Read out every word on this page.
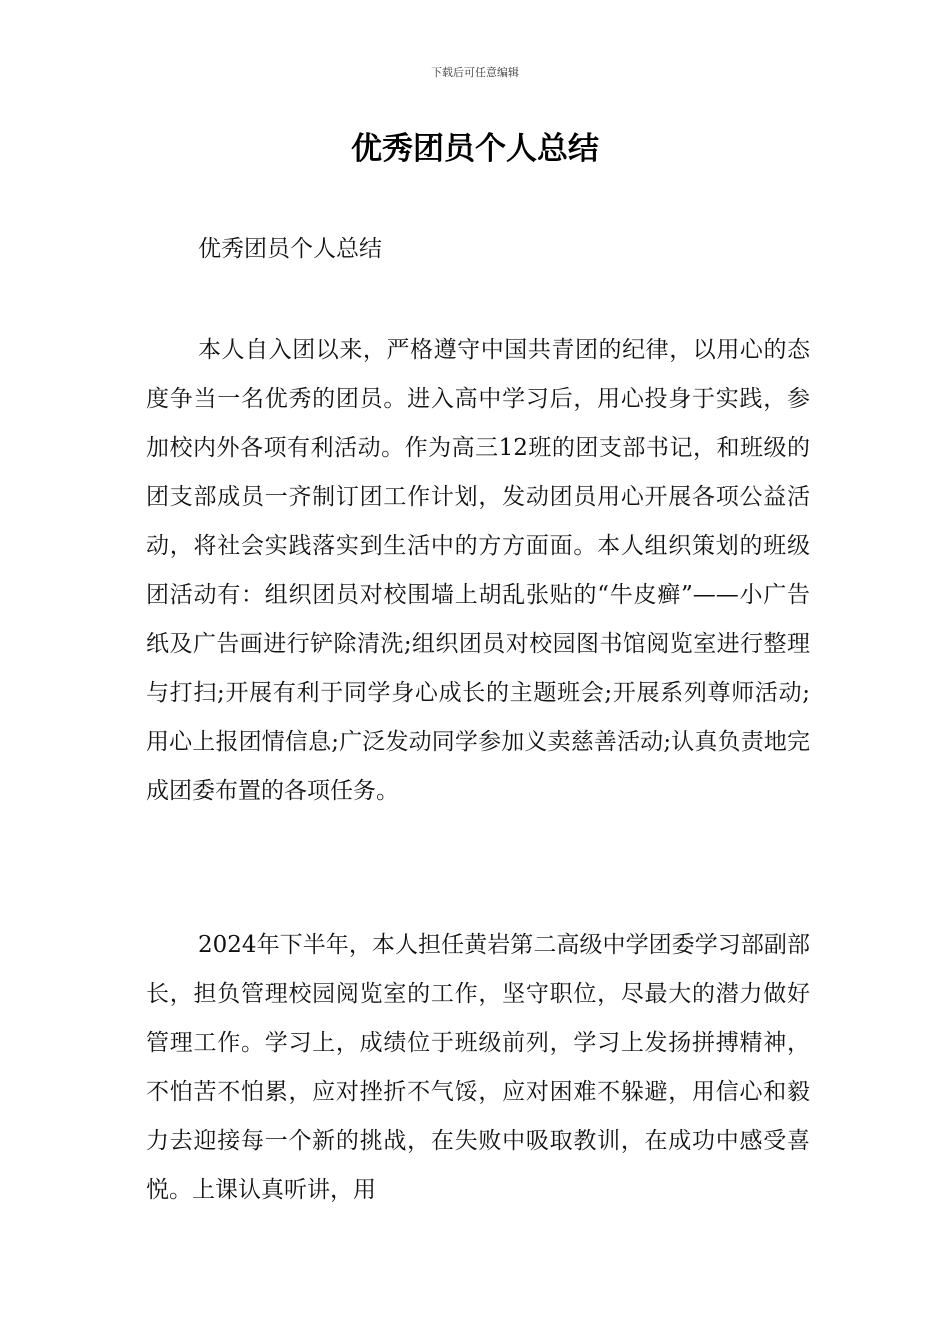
下载后可任意编辑
优秀团员个人总结

优秀团员个人总结

本人自入团以来，严格遵守中国共青团的纪律，以用心的态度争当一名优秀的团员。进入高中学习后，用心投身于实践，参加校内外各项有利活动。作为高三12班的团支部书记，和班级的团支部成员一齐制订团工作计划，发动团员用心开展各项公益活动，将社会实践落实到生活中的方方面面。本人组织策划的班级团活动有：组织团员对校围墙上胡乱张贴的“牛皮癣”——小广告纸及广告画进行铲除清洗;组织团员对校园图书馆阅览室进行整理与打扫;开展有利于同学身心成长的主题班会;开展系列尊师活动;用心上报团情信息;广泛发动同学参加义卖慈善活动;认真负责地完成团委布置的各项任务。

2024年下半年，本人担任黄岩第二高级中学团委学习部副部长，担负管理校园阅览室的工作，坚守职位，尽最大的潜力做好管理工作。学习上，成绩位于班级前列，学习上发扬拼搏精神，不怕苦不怕累，应对挫折不气馁，应对困难不躲避，用信心和毅力去迎接每一个新的挑战，在失败中吸取教训，在成功中感受喜悦。上课认真听讲，用
